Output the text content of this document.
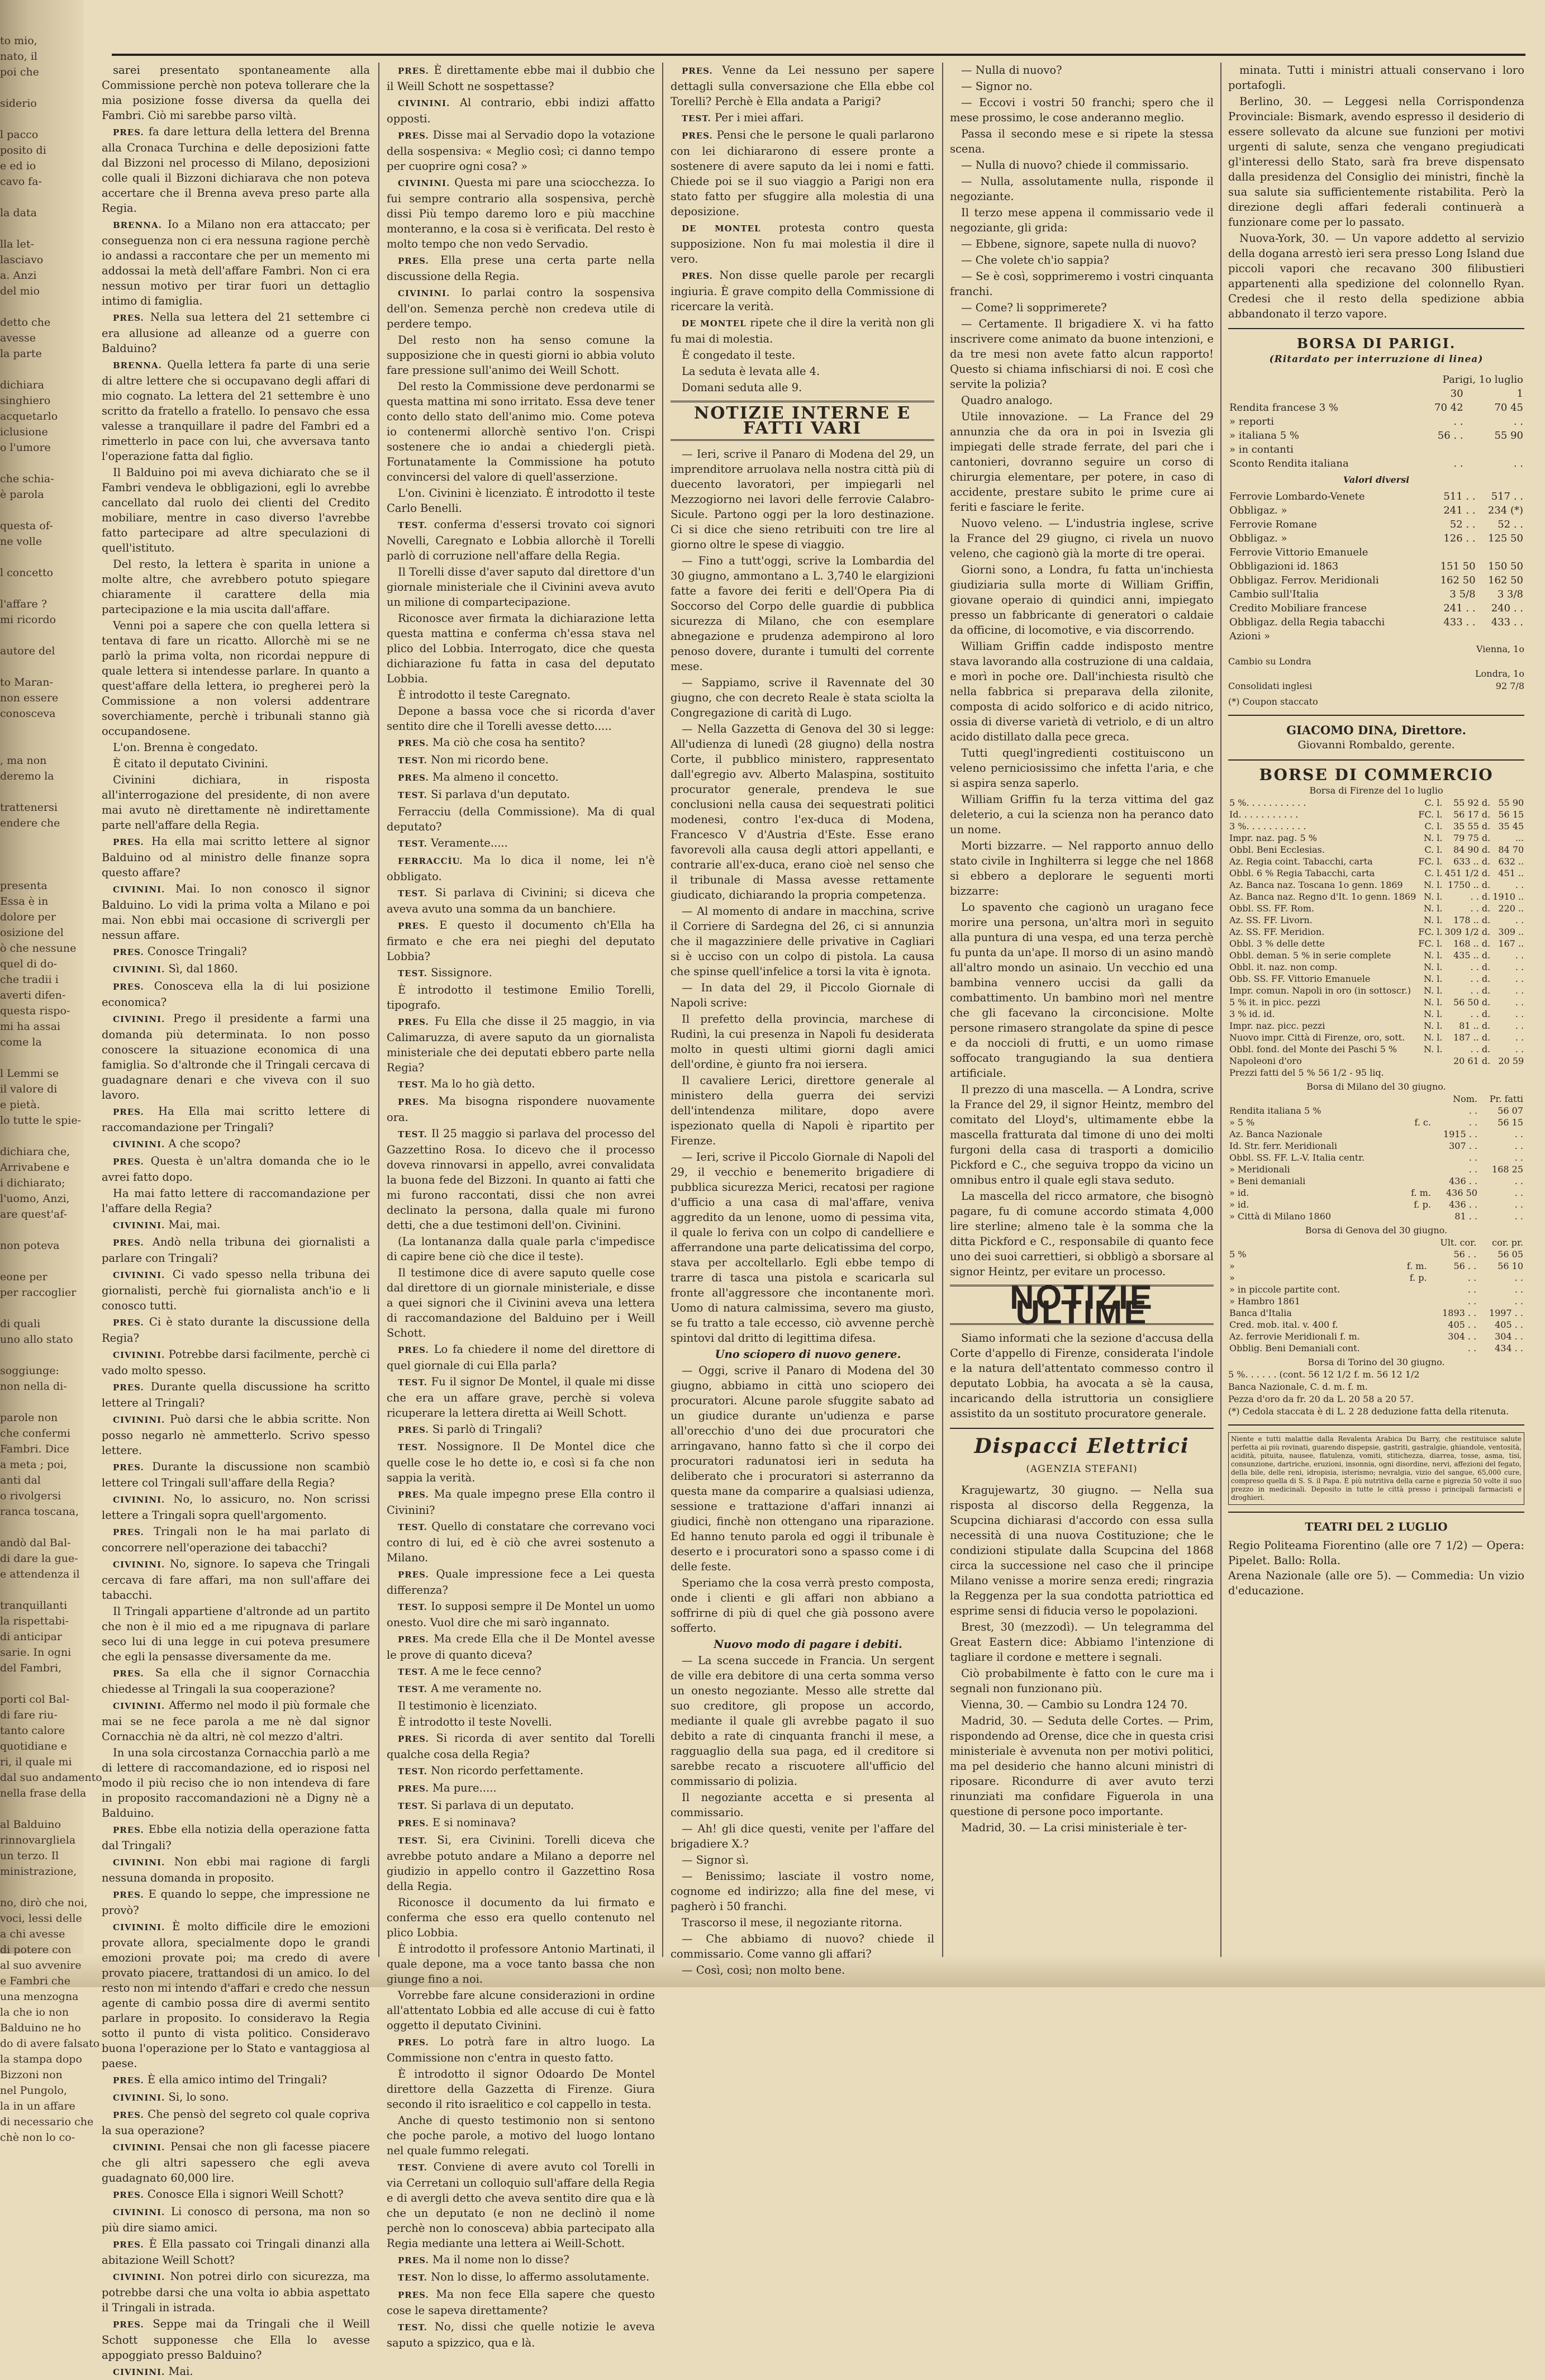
to mio,
nato, il
poi che
siderio
l pacco
posito di
e ed io
cavo fa-
la data
lla let-
lasciavo
a. Anzi
del mio
detto che
avesse
la parte
dichiara
singhiero
acquetarlo
iclusione
o l'umore
che schia-
è parola
questa of-
ne volle
l concetto
l'affare ?
mi ricordo
autore del
to Maran-
non essere
conosceva
, ma non
deremo la
trattenersi
endere che
presenta
Essa è in
dolore per
osizione del
ò che nessune
quel di do-
che tradii i
averti difen-
questa rispo-
mi ha assai
come la
l Lemmi se
il valore di
e pietà.
lo tutte le spie-
dichiara che,
Arrivabene e
i dichiarato;
l'uomo, Anzi,
are quest'af-
non poteva
eone per
per raccoglier
di quali
uno allo stato
soggiunge:
non nella di-
parole non
che confermi
Fambri. Dice
a meta ; poi,
anti dal
o rivolgersi
ranca toscana,
andò dal Bal-
di dare la gue-
e attendenza il
tranquillanti
la rispettabi-
di anticipar
sarie. In ogni
del Fambri,
porti col Bal-
di fare riu-
tanto calore
quotidiane e
ri, il quale mi
dal suo andamento
nella frase della
al Balduino
rinnovargliela
un terzo. Il
ministrazione,
no, dirò che noi,
voci, lessi delle
a chi avesse
di potere con
al suo avvenire
e Fambri che
una menzogna
la che io non
Balduino ne ho
do di avere falsato
la stampa dopo
Bizzoni non
nel Pungolo,
la in un affare
di necessario che
chè non lo co-

sarei presentato spontaneamente alla Commissione perchè non poteva tollerare che la mia posizione fosse diversa da quella dei Fambri. Ciò mi sarebbe parso viltà.

PRES. fa dare lettura della lettera del Brenna alla Cronaca Turchina e delle deposizioni fatte dal Bizzoni nel processo di Milano, deposizioni colle quali il Bizzoni dichiarava che non poteva accertare che il Brenna aveva preso parte alla Regia.

BRENNA. Io a Milano non era attaccato; per conseguenza non ci era nessuna ragione perchè io andassi a raccontare che per un memento mi addossai la metà dell'affare Fambri. Non ci era nessun motivo per tirar fuori un dettaglio intimo di famiglia.

PRES. Nella sua lettera del 21 settembre ci era allusione ad alleanze od a guerre con Balduino?

BRENNA. Quella lettera fa parte di una serie di altre lettere che si occupavano degli affari di mio cognato. La lettera del 21 settembre è uno scritto da fratello a fratello. Io pensavo che essa valesse a tranquillare il padre del Fambri ed a rimetterlo in pace con lui, che avversava tanto l'operazione fatta dal figlio.

Il Balduino poi mi aveva dichiarato che se il Fambri vendeva le obbligazioni, egli lo avrebbe cancellato dal ruolo dei clienti del Credito mobiliare, mentre in caso diverso l'avrebbe fatto partecipare ad altre speculazioni di quell'istituto.

Del resto, la lettera è sparita in unione a molte altre, che avrebbero potuto spiegare chiaramente il carattere della mia partecipazione e la mia uscita dall'affare.

Venni poi a sapere che con quella lettera si tentava di fare un ricatto. Allorchè mi se ne parlò la prima volta, non ricordai neppure di quale lettera si intendesse parlare. In quanto a quest'affare della lettera, io pregherei però la Commissione a non volersi addentrare soverchiamente, perchè i tribunali stanno già occupandosene.

L'on. Brenna è congedato.

È citato il deputato Civinini.

Civinini dichiara, in risposta all'interrogazione del presidente, di non avere mai avuto nè direttamente nè indirettamente parte nell'affare della Regia.

PRES. Ha ella mai scritto lettere al signor Balduino od al ministro delle finanze sopra questo affare?

CIVININI. Mai. Io non conosco il signor Balduino. Lo vidi la prima volta a Milano e poi mai. Non ebbi mai occasione di scrivergli per nessun affare.

PRES. Conosce Tringali?

CIVININI. Sì, dal 1860.

PRES. Conosceva ella la di lui posizione economica?

CIVININI. Prego il presidente a farmi una domanda più determinata. Io non posso conoscere la situazione economica di una famiglia. So d'altronde che il Tringali cercava di guadagnare denari e che viveva con il suo lavoro.

PRES. Ha Ella mai scritto lettere di raccomandazione per Tringali?

CIVININI. A che scopo?

PRES. Questa è un'altra domanda che io le avrei fatto dopo.

Ha mai fatto lettere di raccomandazione per l'affare della Regia?

CIVININI. Mai, mai.

PRES. Andò nella tribuna dei giornalisti a parlare con Tringali?

CIVININI. Ci vado spesso nella tribuna dei giornalisti, perchè fui giornalista anch'io e li conosco tutti.

PRES. Ci è stato durante la discussione della Regia?

CIVININI. Potrebbe darsi facilmente, perchè ci vado molto spesso.

PRES. Durante quella discussione ha scritto lettere al Tringali?

CIVININI. Può darsi che le abbia scritte. Non posso negarlo nè ammetterlo. Scrivo spesso lettere.

PRES. Durante la discussione non scambiò lettere col Tringali sull'affare della Regia?

CIVININI. No, lo assicuro, no. Non scrissi lettere a Tringali sopra quell'argomento.

PRES. Tringali non le ha mai parlato di concorrere nell'operazione dei tabacchi?

CIVININI. No, signore. Io sapeva che Tringali cercava di fare affari, ma non sull'affare dei tabacchi.

Il Tringali appartiene d'altronde ad un partito che non è il mio ed a me ripugnava di parlare seco lui di una legge in cui poteva presumere che egli la pensasse diversamente da me.

PRES. Sa ella che il signor Cornacchia chiedesse al Tringali la sua cooperazione?

CIVININI. Affermo nel modo il più formale che mai se ne fece parola a me nè dal signor Cornacchia nè da altri, nè col mezzo d'altri.

In una sola circostanza Cornacchia parlò a me di lettere di raccomandazione, ed io risposi nel modo il più reciso che io non intendeva di fare in proposito raccomandazioni nè a Digny nè a Balduino.

PRES. Ebbe ella notizia della operazione fatta dal Tringali?

CIVININI. Non ebbi mai ragione di fargli nessuna domanda in proposito.

PRES. E quando lo seppe, che impressione ne provò?

CIVININI. È molto difficile dire le emozioni provate allora, specialmente dopo le grandi emozioni provate poi; ma credo di avere provato piacere, trattandosi di un amico. Io del resto non mi intendo d'affari e credo che nessun agente di cambio possa dire di avermi sentito parlare in proposito. Io consideravo la Regia sotto il punto di vista politico. Consideravo buona l'operazione per lo Stato e vantaggiosa al paese.

PRES. È ella amico intimo del Tringali?

CIVININI. Si, lo sono.

PRES. Che pensò del segreto col quale copriva la sua operazione?

CIVININI. Pensai che non gli facesse piacere che gli altri sapessero che egli aveva guadagnato 60,000 lire.

PRES. Conosce Ella i signori Weill Schott?

CIVININI. Li conosco di persona, ma non so più dire siamo amici.

PRES. È Ella passato coi Tringali dinanzi alla abitazione Weill Schott?

CIVININI. Non potrei dirlo con sicurezza, ma potrebbe darsi che una volta io abbia aspettato il Tringali in istrada.

PRES. Seppe mai da Tringali che il Weill Schott supponesse che Ella lo avesse appoggiato presso Balduino?

CIVININI. Mai.

PRES. È direttamente ebbe mai il dubbio che il Weill Schott ne sospettasse?

CIVININI. Al contrario, ebbi indizi affatto opposti.

PRES. Disse mai al Servadio dopo la votazione della sospensiva: « Meglio così; ci danno tempo per cuoprire ogni cosa? »

CIVININI. Questa mi pare una sciocchezza. Io fui sempre contrario alla sospensiva, perchè dissi Più tempo daremo loro e più macchine monteranno, e la cosa si è verificata. Del resto è molto tempo che non vedo Servadio.

PRES. Ella prese una certa parte nella discussione della Regia.

CIVININI. Io parlai contro la sospensiva dell'on. Semenza perchè non credeva utile di perdere tempo.

Del resto non ha senso comune la supposizione che in questi giorni io abbia voluto fare pressione sull'animo dei Weill Schott.

Del resto la Commissione deve perdonarmi se questa mattina mi sono irritato. Essa deve tener conto dello stato dell'animo mio. Come poteva io contenermi allorchè sentivo l'on. Crispi sostenere che io andai a chiedergli pietà. Fortunatamente la Commissione ha potuto convincersi del valore di quell'asserzione.

L'on. Civinini è licenziato. È introdotto il teste Carlo Benelli.

TEST. conferma d'essersi trovato coi signori Novelli, Caregnato e Lobbia allorchè il Torelli parlò di corruzione nell'affare della Regia.

Il Torelli disse d'aver saputo dal direttore d'un giornale ministeriale che il Civinini aveva avuto un milione di compartecipazione.

Riconosce aver firmata la dichiarazione letta questa mattina e conferma ch'essa stava nel plico del Lobbia. Interrogato, dice che questa dichiarazione fu fatta in casa del deputato Lobbia.

È introdotto il teste Caregnato.

Depone a bassa voce che si ricorda d'aver sentito dire che il Torelli avesse detto.....

PRES. Ma ciò che cosa ha sentito?

TEST. Non mi ricordo bene.

PRES. Ma almeno il concetto.

TEST. Si parlava d'un deputato.

Ferracciu (della Commissione). Ma di qual deputato?

TEST. Veramente.....

FERRACCÌU. Ma lo dica il nome, lei n'è obbligato.

TEST. Si parlava di Civinini; si diceva che aveva avuto una somma da un banchiere.

PRES. E questo il documento ch'Ella ha firmato e che era nei pieghi del deputato Lobbia?

TEST. Sissignore.

È introdotto il testimone Emilio Torelli, tipografo.

PRES. Fu Ella che disse il 25 maggio, in via Calimaruzza, di avere saputo da un giornalista ministeriale che dei deputati ebbero parte nella Regia?

TEST. Ma lo ho già detto.

PRES. Ma bisogna rispondere nuovamente ora.

TEST. Il 25 maggio si parlava del processo del Gazzettino Rosa. Io dicevo che il processo doveva rinnovarsi in appello, avrei convalidata la buona fede del Bizzoni. In quanto ai fatti che mi furono raccontati, dissi che non avrei declinato la persona, dalla quale mi furono detti, che a due testimoni dell'on. Civinini.

(La lontananza dalla quale parla c'impedisce di capire bene ciò che dice il teste).

Il testimone dice di avere saputo quelle cose dal direttore di un giornale ministeriale, e disse a quei signori che il Civinini aveva una lettera di raccomandazione del Balduino per i Weill Schott.

PRES. Lo fa chiedere il nome del direttore di quel giornale di cui Ella parla?

TEST. Fu il signor De Montel, il quale mi disse che era un affare grave, perchè si voleva ricuperare la lettera diretta ai Weill Schott.

PRES. Si parlò di Tringali?

TEST. Nossignore. Il De Montel dice che quelle cose le ho dette io, e così si fa che non sappia la verità.

PRES. Ma quale impegno prese Ella contro il Civinini?

TEST. Quello di constatare che correvano voci contro di lui, ed è ciò che avrei sostenuto a Milano.

PRES. Quale impressione fece a Lei questa differenza?

TEST. Io supposi sempre il De Montel un uomo onesto. Vuol dire che mi sarò ingannato.

PRES. Ma crede Ella che il De Montel avesse le prove di quanto diceva?

TEST. A me le fece cenno?

TEST. A me veramente no.

Il testimonio è licenziato.

È introdotto il teste Novelli.

PRES. Si ricorda di aver sentito dal Torelli qualche cosa della Regia?

TEST. Non ricordo perfettamente.

PRES. Ma pure.....

TEST. Si parlava di un deputato.

PRES. E si nominava?

TEST. Si, era Civinini. Torelli diceva che avrebbe potuto andare a Milano a deporre nel giudizio in appello contro il Gazzettino Rosa della Regia.

Riconosce il documento da lui firmato e conferma che esso era quello contenuto nel plico Lobbia.

È introdotto il professore Antonio Martinati, il quale depone, ma a voce tanto bassa che non giunge fino a noi.

Vorrebbe fare alcune considerazioni in ordine all'attentato Lobbia ed alle accuse di cui è fatto oggetto il deputato Civinini.

PRES. Lo potrà fare in altro luogo. La Commissione non c'entra in questo fatto.

È introdotto il signor Odoardo De Montel direttore della Gazzetta di Firenze. Giura secondo il rito israelitico e col cappello in testa.

Anche di questo testimonio non si sentono che poche parole, a motivo del luogo lontano nel quale fummo relegati.

TEST. Conviene di avere avuto col Torelli in via Cerretani un colloquio sull'affare della Regia e di avergli detto che aveva sentito dire qua e là che un deputato (e non ne declinò il nome perchè non lo conosceva) abbia partecipato alla Regia mediante una lettera ai Weill-Schott.

PRES. Ma il nome non lo disse?

TEST. Non lo disse, lo affermo assolutamente.

PRES. Ma non fece Ella sapere che questo cose le sapeva direttamente?

TEST. No, dissi che quelle notizie le aveva saputo a spizzico, qua e là.

PRES. Venne da Lei nessuno per sapere dettagli sulla conversazione che Ella ebbe col Torelli? Perchè è Ella andata a Parigi?

TEST. Per i miei affari.

PRES. Pensi che le persone le quali parlarono con lei dichiararono di essere pronte a sostenere di avere saputo da lei i nomi e fatti. Chiede poi se il suo viaggio a Parigi non era stato fatto per sfuggire alla molestia di una deposizione.

DE MONTEL protesta contro questa supposizione. Non fu mai molestia il dire il vero.

PRES. Non disse quelle parole per recargli ingiuria. È grave compito della Commissione di ricercare la verità.

DE MONTEL ripete che il dire la verità non gli fu mai di molestia.

È congedato il teste.

La seduta è levata alle 4.

Domani seduta alle 9.

NOTIZIE INTERNE E FATTI VARI

— Ieri, scrive il Panaro di Modena del 29, un imprenditore arruolava nella nostra città più di duecento lavoratori, per impiegarli nel Mezzogiorno nei lavori delle ferrovie Calabro-Sicule. Partono oggi per la loro destinazione. Ci si dice che sieno retribuiti con tre lire al giorno oltre le spese di viaggio.

— Fino a tutt'oggi, scrive la Lombardia del 30 giugno, ammontano a L. 3,740 le elargizioni fatte a favore dei feriti e dell'Opera Pia di Soccorso del Corpo delle guardie di pubblica sicurezza di Milano, che con esemplare abnegazione e prudenza adempirono al loro penoso dovere, durante i tumulti del corrente mese.

— Sappiamo, scrive il Ravennate del 30 giugno, che con decreto Reale è stata sciolta la Congregazione di carità di Lugo.

— Nella Gazzetta di Genova del 30 si legge: All'udienza di lunedì (28 giugno) della nostra Corte, il pubblico ministero, rappresentato dall'egregio avv. Alberto Malaspina, sostituito procurator generale, prendeva le sue conclusioni nella causa dei sequestrati politici modenesi, contro l'ex-duca di Modena, Francesco V d'Austria d'Este. Esse erano favorevoli alla causa degli attori appellanti, e contrarie all'ex-duca, erano cioè nel senso che il tribunale di Massa avesse rettamente giudicato, dichiarando la propria competenza.

— Al momento di andare in macchina, scrive il Corriere di Sardegna del 26, ci si annunzia che il magazziniere delle privative in Cagliari si è ucciso con un colpo di pistola. La causa che spinse quell'infelice a torsi la vita è ignota.

— In data del 29, il Piccolo Giornale di Napoli scrive:

Il prefetto della provincia, marchese di Rudinì, la cui presenza in Napoli fu desiderata molto in questi ultimi giorni dagli amici dell'ordine, è giunto fra noi iersera.

Il cavaliere Lerici, direttore generale al ministero della guerra dei servizi dell'intendenza militare, dopo avere ispezionato quella di Napoli è ripartito per Firenze.

— Ieri, scrive il Piccolo Giornale di Napoli del 29, il vecchio e benemerito brigadiere di pubblica sicurezza Merici, recatosi per ragione d'ufficio a una casa di mal'affare, veniva aggredito da un lenone, uomo di pessima vita, il quale lo feriva con un colpo di candelliere e afferrandone una parte delicatissima del corpo, stava per accoltellarlo. Egli ebbe tempo di trarre di tasca una pistola e scaricarla sul fronte all'aggressore che incontanente morì. Uomo di natura calmissima, severo ma giusto, se fu tratto a tale eccesso, ciò avvenne perchè spintovi dal dritto di legittima difesa.

Uno sciopero di nuovo genere.

— Oggi, scrive il Panaro di Modena del 30 giugno, abbiamo in città uno sciopero dei procuratori. Alcune parole sfuggite sabato ad un giudice durante un'udienza e parse all'orecchio d'uno dei due procuratori che arringavano, hanno fatto sì che il corpo dei procuratori radunatosi ieri in seduta ha deliberato che i procuratori si asterranno da questa mane da comparire a qualsiasi udienza, sessione e trattazione d'affari innanzi ai giudici, finchè non ottengano una riparazione. Ed hanno tenuto parola ed oggi il tribunale è deserto e i procuratori sono a spasso come i di delle feste.

Speriamo che la cosa verrà presto composta, onde i clienti e gli affari non abbiano a soffrirne di più di quel che già possono avere sofferto.

Nuovo modo di pagare i debiti.

— La scena succede in Francia. Un sergent de ville era debitore di una certa somma verso un onesto negoziante. Messo alle strette dal suo creditore, gli propose un accordo, mediante il quale gli avrebbe pagato il suo debito a rate di cinquanta franchi il mese, a ragguaglio della sua paga, ed il creditore si sarebbe recato a riscuotere all'ufficio del commissario di polizia.

Il negoziante accetta e si presenta al commissario.

— Ah! gli dice questi, venite per l'affare del brigadiere X.?

— Signor sì.

— Benissimo; lasciate il vostro nome, cognome ed indirizzo; alla fine del mese, vi pagherò i 50 franchi.

Trascorso il mese, il negoziante ritorna.

— Che abbiamo di nuovo? chiede il commissario. Come vanno gli affari?

— Così, così; non molto bene.

— Nulla di nuovo?

— Signor no.

— Eccovi i vostri 50 franchi; spero che il mese prossimo, le cose anderanno meglio.

Passa il secondo mese e si ripete la stessa scena.

— Nulla di nuovo? chiede il commissario.

— Nulla, assolutamente nulla, risponde il negoziante.

Il terzo mese appena il commissario vede il negoziante, gli grida:

— Ebbene, signore, sapete nulla di nuovo?

— Che volete ch'io sappia?

— Se è così, sopprimeremo i vostri cinquanta franchi.

— Come? li sopprimerete?

— Certamente. Il brigadiere X. vi ha fatto inscrivere come animato da buone intenzioni, e da tre mesi non avete fatto alcun rapporto! Questo si chiama infischiarsi di noi. E così che servite la polizia?

Quadro analogo.

Utile innovazione. — La France del 29 annunzia che da ora in poi in Isvezia gli impiegati delle strade ferrate, del pari che i cantonieri, dovranno seguire un corso di chirurgia elementare, per potere, in caso di accidente, prestare subito le prime cure ai feriti e fasciare le ferite.

Nuovo veleno. — L'industria inglese, scrive la France del 29 giugno, ci rivela un nuovo veleno, che cagionò già la morte di tre operai.

Giorni sono, a Londra, fu fatta un'inchiesta giudiziaria sulla morte di William Griffin, giovane operaio di quindici anni, impiegato presso un fabbricante di generatori o caldaie da officine, di locomotive, e via discorrendo.

William Griffin cadde indisposto mentre stava lavorando alla costruzione di una caldaia, e morì in poche ore. Dall'inchiesta risultò che nella fabbrica si preparava della zilonite, composta di acido solforico e di acido nitrico, ossia di diverse varietà di vetriolo, e di un altro acido distillato dalla pece greca.

Tutti quegl'ingredienti costituiscono un veleno perniciosissimo che infetta l'aria, e che si aspira senza saperlo.

William Griffin fu la terza vittima del gaz deleterio, a cui la scienza non ha peranco dato un nome.

Morti bizzarre. — Nel rapporto annuo dello stato civile in Inghilterra si legge che nel 1868 si ebbero a deplorare le seguenti morti bizzarre:

Lo spavento che cagionò un uragano fece morire una persona, un'altra morì in seguito alla puntura di una vespa, ed una terza perchè fu punta da un'ape. Il morso di un asino mandò all'altro mondo un asinaio. Un vecchio ed una bambina vennero uccisi da galli da combattimento. Un bambino morì nel mentre che gli facevano la circoncisione. Molte persone rimasero strangolate da spine di pesce e da noccioli di frutti, e un uomo rimase soffocato trangugiando la sua dentiera artificiale.

Il prezzo di una mascella. — A Londra, scrive la France del 29, il signor Heintz, membro del comitato del Lloyd's, ultimamente ebbe la mascella fratturata dal timone di uno dei molti furgoni della casa di trasporti a domicilio Pickford e C., che seguiva troppo da vicino un omnibus entro il quale egli stava seduto.

La mascella del ricco armatore, che bisognò pagare, fu di comune accordo stimata 4,000 lire sterline; almeno tale è la somma che la ditta Pickford e C., responsabile di quanto fece uno dei suoi carrettieri, si obbligò a sborsare al signor Heintz, per evitare un processo.

NOTIZIE ULTIME

Siamo informati che la sezione d'accusa della Corte d'appello di Firenze, considerata l'indole e la natura dell'attentato commesso contro il deputato Lobbia, ha avocata a sè la causa, incaricando della istruttoria un consigliere assistito da un sostituto procuratore generale.

Dispacci Elettrici
(AGENZIA STEFANI)

Kragujewartz, 30 giugno. — Nella sua risposta al discorso della Reggenza, la Scupcina dichiarasi d'accordo con essa sulla necessità di una nuova Costituzione; che le condizioni stipulate dalla Scupcina del 1868 circa la successione nel caso che il principe Milano venisse a morire senza eredi; ringrazia la Reggenza per la sua condotta patriottica ed esprime sensi di fiducia verso le popolazioni.

Brest, 30 (mezzodì). — Un telegramma del Great Eastern dice: Abbiamo l'intenzione di tagliare il cordone e mettere i segnali.

Ciò probabilmente è fatto con le cure ma i segnali non funzionano più.

Vienna, 30. — Cambio su Londra 124 70.

Madrid, 30. — Seduta delle Cortes. — Prim, rispondendo ad Orense, dice che in questa crisi ministeriale è avvenuta non per motivi politici, ma pel desiderio che hanno alcuni ministri di riposare. Ricondurre di aver avuto terzi rinunziati ma confidare Figuerola in una questione di persone poco importante.

Madrid, 30. — La crisi ministeriale è ter-

minata. Tutti i ministri attuali conservano i loro portafogli.

Berlino, 30. — Leggesi nella Corrispondenza Provinciale: Bismark, avendo espresso il desiderio di essere sollevato da alcune sue funzioni per motivi urgenti di salute, senza che vengano pregiudicati gl'interessi dello Stato, sarà fra breve dispensato dalla presidenza del Consiglio dei ministri, finchè la sua salute sia sufficientemente ristabilita. Però la direzione degli affari federali continuerà a funzionare come per lo passato.

Nuova-York, 30. — Un vapore addetto al servizio della dogana arrestò ieri sera presso Long Island due piccoli vapori che recavano 300 filibustieri appartenenti alla spedizione del colonnello Ryan. Credesi che il resto della spedizione abbia abbandonato il terzo vapore.

BORSA DI PARIGI.
(Ritardato per interruzione di linea)
	Parigi, 1o luglio	
	30	1
Rendita francese 3 %	70 42	70 45
» reporti	. .	. .
» italiana 5 %	56 . .	55 90
» in contanti		
Sconto Rendita italiana	. .	. .
Valori diversi
Ferrovie Lombardo-Venete	511 . .	517 . .
Obbligaz. »	241 . .	234 (*)
Ferrovie Romane	52 . .	52 . .
Obbligaz. »	126 . .	125 50
Ferrovie Vittorio Emanuele		
Obbligazioni id. 1863	151 50	150 50
Obbligaz. Ferrov. Meridionali	162 50	162 50
Cambio sull'Italia	3 5/8	3 3/8
Credito Mobiliare francese	241 . .	240 . .
Obbligaz. della Regia tabacchi	433 . .	433 . .
Azioni »		
Vienna, 1o
Cambio su Londra
Londra, 1o
Consolidati inglesi	92 7/8
(*) Coupon staccato
GIACOMO DINA, Direttore.
Giovanni Rombaldo, gerente.
BORSE DI COMMERCIO
Borsa di Firenze del 1o luglio
5 %. . . . . . . . . . .	C. l.	55 92 d.	55 90
Id. . . . . . . . . . .	FC. l.	56 17 d.	56 15
3 %. . . . . . . . . . .	C. l.	35 55 d.	35 45
Impr. naz. pag. 5 %	N. l.	79 75 d.	...
Obbl. Beni Ecclesias.	C. l.	84 90 d.	84 70
Az. Regia coint. Tabacchi, carta	FC. l.	633 .. d.	632 ..
Obbl. 6 % Regia Tabacchi, carta	C. l.	451 1/2 d.	451 ..
Az. Banca naz. Toscana 1o genn. 1869	N. l.	1750 .. d.	. .
Az. Banca naz. Regno d'It. 1o genn. 1869	N. l.	. . d.	1910 ..
Obbl. SS. FF. Rom.	N. l.	. . d.	220 ..
Az. SS. FF. Livorn.	N. l.	178 .. d.	. .
Az. SS. FF. Meridion.	FC. l.	309 1/2 d.	309 ..
Obbl. 3 % delle dette	FC. l.	168 .. d.	167 ..
Obbl. deman. 5 % in serie complete	N. l.	435 .. d.	. .
Obbl. it. naz. non comp.	N. l.	. . d.	. .
Obb. SS. FF. Vittorio Emanuele	N. l.	. . d.	. .
Impr. comun. Napoli in oro (in sottoscr.)	N. l.	. . d.	. .
5 % it. in picc. pezzi	N. l.	56 50 d.	. .
3 % id. id.	N. l.	. . d.	. .
Impr. naz. picc. pezzi	N. l.	81 .. d.	. .
Nuovo impr. Città di Firenze, oro, sott.	N. l.	187 .. d.	. .
Obbl. fond. del Monte dei Paschi 5 %	N. l.	. . d.	. .
Napoleoni d'oro		20 61 d.	20 59
Prezzi fatti del 5 % 56 1/2 - 95 liq.			
Borsa di Milano del 30 giugno.
		Nom.	Pr. fatti
Rendita italiana 5 %		. .	56 07
» 5 %	f. c.	. .	56 15
Az. Banca Nazionale		1915 . .	. .
Id. Str. ferr. Meridionali		307 . .	. .
Obbl. SS. FF. L.-V. Italia centr.		. .	. .
» Meridionali		. .	168 25
» Beni demaniali		436 . .	. .
» id.	f. m.	436 50	. .
» id.	f. p.	436 . .	. .
» Città di Milano 1860		81 . .	. .
Borsa di Genova del 30 giugno.
		Ult. cor.	cor. pr.
5 %		56 . .	56 05
»	f. m.	56 . .	56 10
»	f. p.	. .	. .
» in piccole partite cont.		. .	. .
» Hambro 1861		. .	. .
Banca d'Italia		1893 . .	1997 . .
Cred. mob. ital. v. 400 f.		405 . .	405 . .
Az. ferrovie Meridionali f. m.		304 . .	304 . .
Obblig. Beni Demaniali cont.		. .	434 . .
Borsa di Torino del 30 giugno.
5 %. . . . . . (cont. 56 12 1/2 f. m. 56 12 1/2
Banca Nazionale, C. d. m. f. m.
Pezza d'oro da fr. 20 da L. 20 58 a 20 57.
(*) Cedola staccata è di L. 2 28 deduzione fatta della ritenuta.
Niente e tutti malattie dalla Revalenta Arabica Du Barry, che restituisce salute perfetta ai più rovinati, guarendo dispepsie, gastriti, gastralgie, ghiandole, ventosità, acidità, pituita, nausee, flatulenza, vomiti, stitichezza, diarrea, tosse, asma, tisi, consunzione, dartriche, eruzioni, insonnia, ogni disordine, nervi, affezioni del fegato, della bile, delle reni, idropisia, isterismo; nevralgia, vizio del sangue, 65,000 cure, compreso quella di S. S. il Papa. È più nutritiva della carne e pigrezia 50 volte il suo prezzo in medicinali. Deposito in tutte le città presso i principali farmacisti e droghieri.
TEATRI DEL 2 LUGLIO
Regio Politeama Fiorentino (alle ore 7 1/2) — Opera: Pipelet. Ballo: Rolla.
Arena Nazionale (alle ore 5). — Commedia: Un vizio d'educazione.
